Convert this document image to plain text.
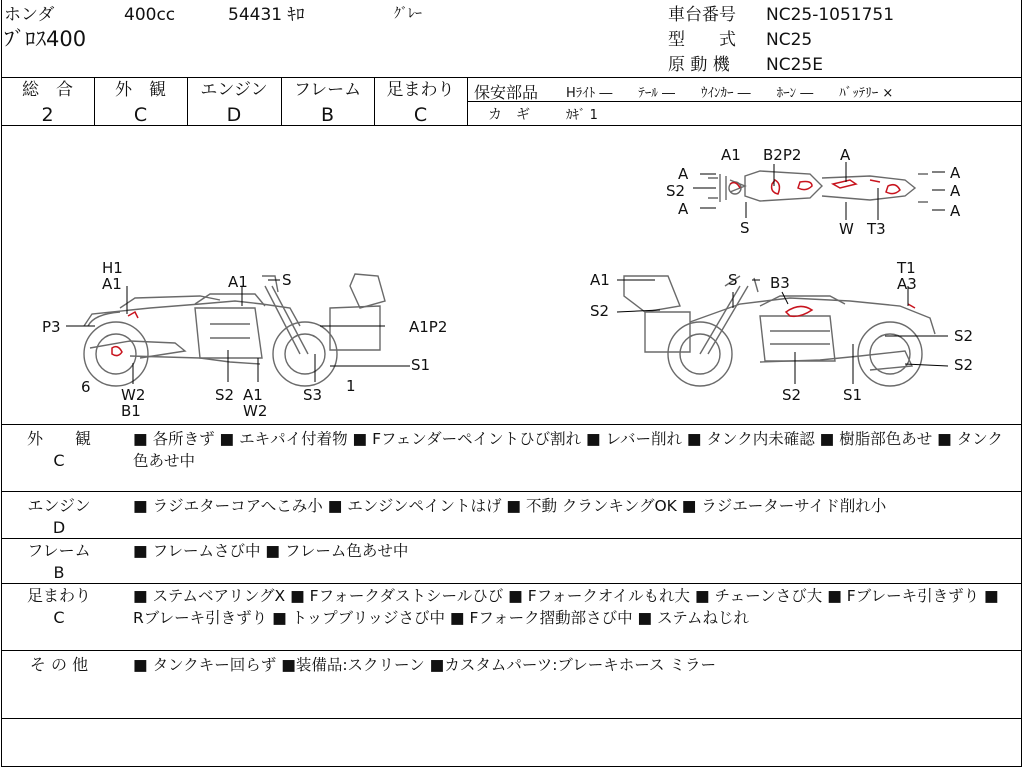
ホンダ	400cc	54431 ｷﾛ	ｸﾞﾚｰ
ﾌﾞﾛｽ400
車台番号 NC25-1051751
型　　式 NC25
原 動 機 NC25E
総　合
2
外　観
C
エンジン
D
フレーム
B
足まわり
C
保安部品 Hﾗｲﾄ ―　　ﾃｰﾙ ―　　ｳｲﾝｶｰ ―　　ﾎｰﾝ ―　　ﾊﾞｯﾃﾘｰ ×
カ　ギ	ｶｷﾞ 1
A1 B2P2	A
A
S2
A
S	W T3
A
A
A
H1
A1
P3
6 W2
B1
A1 S
A1P2
S1
1
S2 A1
W2
S3
A1
S2
S B3
T1
A3
S2
S2
S2	S1
外　　観
C
■ 各所きず ■ エキパイ付着物 ■ Fフェンダーペイントひび割れ ■ レバー削れ ■ タンク内未確認 ■ 樹脂部色あせ ■ タンク色あせ中
エンジン
D
■ ラジエターコアへこみ小 ■ エンジンペイントはげ ■ 不動 クランキングOK ■ ラジエーターサイド削れ小
フレーム
B
■ フレームさび中 ■ フレーム色あせ中
足まわり
C
■ ステムベアリングX ■ Fフォークダストシールひび ■ Fフォークオイルもれ大 ■ チェーンさび大 ■ Fブレーキ引きずり ■ Rブレーキ引きずり ■ トップブリッジさび中 ■ Fフォーク摺動部さび中 ■ ステムねじれ
そ の 他	■ タンクキー回らず ■装備品:スクリーン ■カスタムパーツ:ブレーキホース ミラー
